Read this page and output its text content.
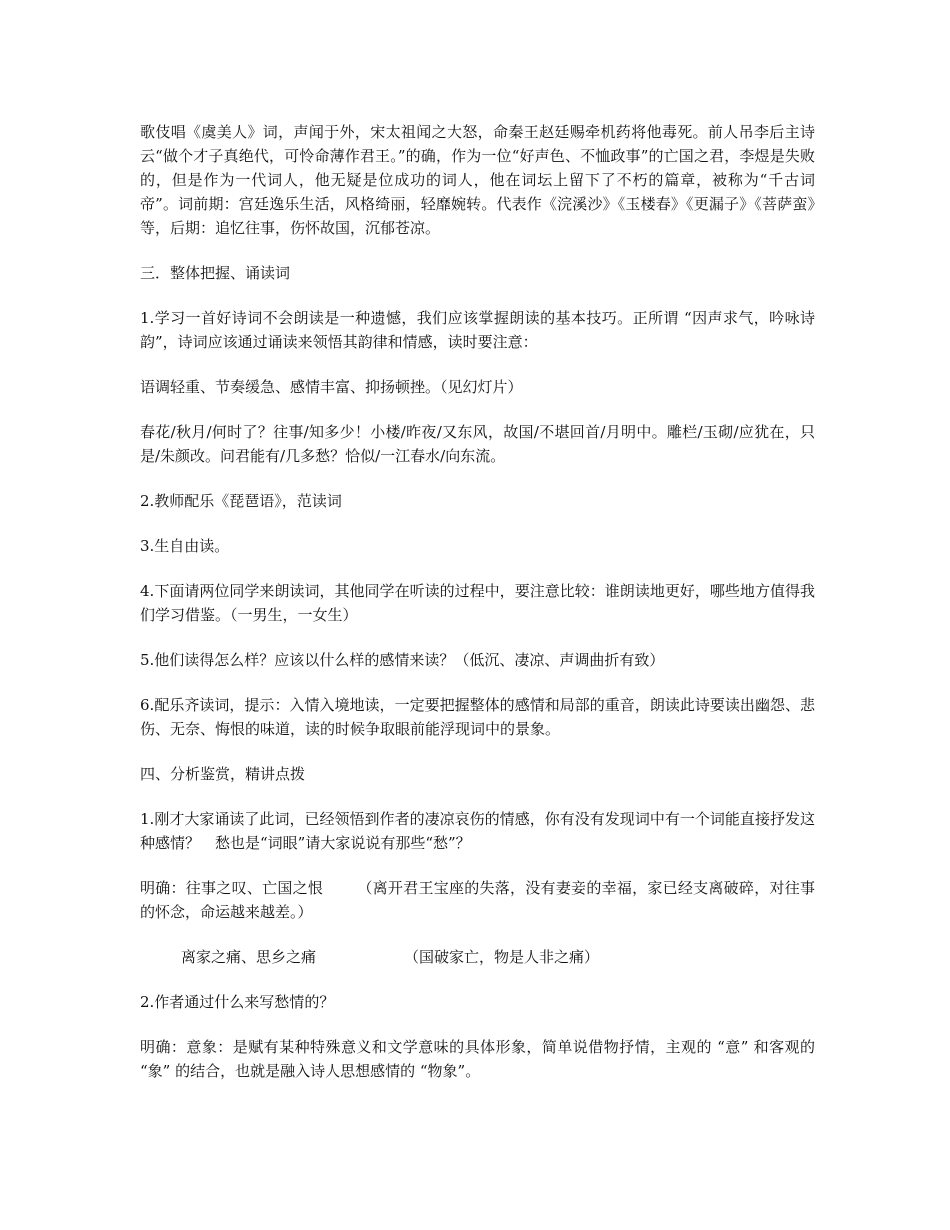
歌伎唱《虞美人》词，声闻于外，宋太祖闻之大怒，命秦王赵廷赐牵机药将他毒死。前人吊李后主诗云“做个才子真绝代，可怜命薄作君王。”的确，作为一位“好声色、不恤政事”的亡国之君，李煜是失败的，但是作为一代词人，他无疑是位成功的词人，他在词坛上留下了不朽的篇章，被称为“千古词帝”。词前期：宫廷逸乐生活，风格绮丽，轻靡婉转。代表作《浣溪沙》《玉楼春》《更漏子》《菩萨蛮》等，后期：追忆往事，伤怀故国，沉郁苍凉。

三．整体把握、诵读词

1.学习一首好诗词不会朗读是一种遗憾，我们应该掌握朗读的基本技巧。正所谓 “因声求气，吟咏诗韵”，诗词应该通过诵读来领悟其韵律和情感，读时要注意：

语调轻重、节奏缓急、感情丰富、抑扬顿挫。（见幻灯片）

春花/秋月/何时了？往事/知多少！小楼/昨夜/又东风，故国/不堪回首/月明中。雕栏/玉砌/应犹在，只是/朱颜改。问君能有/几多愁？恰似/一江春水/向东流。

2.教师配乐《琵琶语》，范读词

3.生自由读。

4.下面请两位同学来朗读词，其他同学在听读的过程中，要注意比较：谁朗读地更好，哪些地方值得我们学习借鉴。（一男生，一女生）

5.他们读得怎么样？应该以什么样的感情来读？（低沉、凄凉、声调曲折有致）

6.配乐齐读词，提示：入情入境地读，一定要把握整体的感情和局部的重音，朗读此诗要读出幽怨、悲伤、无奈、悔恨的味道，读的时候争取眼前能浮现词中的景象。

四、分析鉴赏，精讲点拨

1.刚才大家诵读了此词，已经领悟到作者的凄凉哀伤的情感，你有没有发现词中有一个词能直接抒发这种感情？　愁也是“词眼”请大家说说有那些“愁”？

明确：往事之叹、亡国之恨 （离开君王宝座的失落，没有妻妾的幸福，家已经支离破碎，对往事的怀念，命运越来越差。）

离家之痛、思乡之痛	（国破家亡，物是人非之痛）

2.作者通过什么来写愁情的？

明确：意象：是赋有某种特殊意义和文学意味的具体形象，简单说借物抒情，主观的 “意” 和客观的 “象” 的结合，也就是融入诗人思想感情的 “物象”。
